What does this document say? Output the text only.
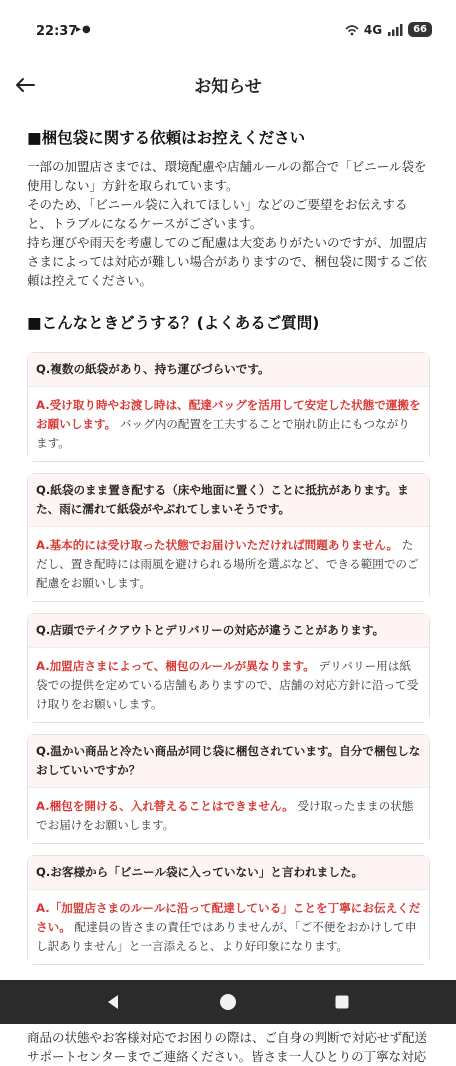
22:37
▸●	4G	66
お知らせ
■梱包袋に関する依頼はお控えください

一部の加盟店さまでは、環境配慮や店舗ルールの都合で「ビニール袋を使用しない」方針を取られています。

そのため、「ビニール袋に入れてほしい」などのご要望をお伝えすると、トラブルになるケースがございます。

持ち運びや雨天を考慮してのご配慮は大変ありがたいのですが、加盟店さまによっては対応が難しい場合がありますので、梱包袋に関するご依頼は控えてください。

■こんなときどうする？(よくあるご質問)
Q.複数の紙袋があり、持ち運びづらいです。
A.受け取り時やお渡し時は、配達バッグを活用して安定した状態で運搬をお願いします。 バッグ内の配置を工夫することで崩れ防止にもつながります。
Q.紙袋のまま置き配する（床や地面に置く）ことに抵抗があります。また、雨に濡れて紙袋がやぶれてしまいそうです。
A.基本的には受け取った状態でお届けいただければ問題ありません。 ただし、置き配時には雨風を避けられる場所を選ぶなど、できる範囲でのご配慮をお願いします。
Q.店頭でテイクアウトとデリバリーの対応が違うことがあります。
A.加盟店さまによって、梱包のルールが異なります。 デリバリー用は紙袋での提供を定めている店舗もありますので、店舗の対応方針に沿って受け取りをお願いします。
Q.温かい商品と冷たい商品が同じ袋に梱包されています。自分で梱包しなおしていいですか？
A.梱包を開ける、入れ替えることはできません。 受け取ったままの状態でお届けをお願いします。
Q.お客様から「ビニール袋に入っていない」と言われました。
A.「加盟店さまのルールに沿って配達している」ことを丁寧にお伝えください。 配達員の皆さまの責任ではありませんが、「ご不便をおかけして申し訳ありません」と一言添えると、より好印象になります。

商品の状態やお客様対応でお困りの際は、ご自身の判断で対応せず配送サポートセンターまでご連絡ください。皆さま一人ひとりの丁寧な対応
